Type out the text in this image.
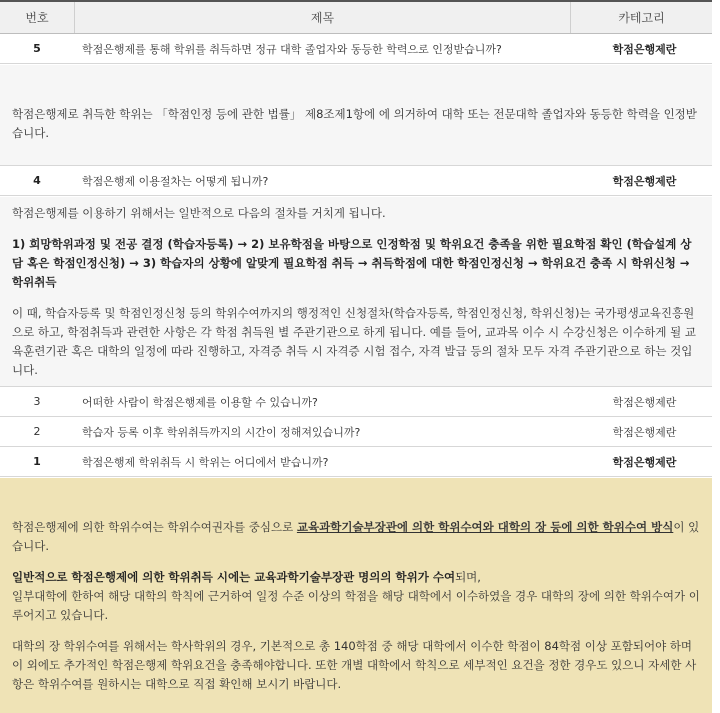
번호	제목	카테고리
5	학점은행제를 통해 학위를 취득하면 정규 대학 졸업자와 동등한 학력으로 인정받습니까?	학점은행제란

학점은행제로 취득한 학위는 「학점인정 등에 관한 법률」 제8조제1항에 에 의거하여 대학 또는 전문대학 졸업자와 동등한 학력을 인정받습니다.

4	학점은행제 이용절차는 어떻게 됩니까?	학점은행제란

학점은행제를 이용하기 위해서는 일반적으로 다음의 절차를 거치게 됩니다.

1) 희망학위과정 및 전공 결정 (학습자등록) → 2) 보유학점을 바탕으로 인정학점 및 학위요건 충족을 위한 필요학점 확인 (학습설계 상담 혹은 학점인정신청) → 3) 학습자의 상황에 알맞게 필요학점 취득 → 취득학점에 대한 학점인정신청 → 학위요건 충족 시 학위신청 → 학위취득

이 때, 학습자등록 및 학점인정신청 등의 학위수여까지의 행정적인 신청절차(학습자등록, 학점인정신청, 학위신청)는 국가평생교육진흥원으로 하고, 학점취득과 관련한 사항은 각 학점 취득원 별 주관기관으로 하게 됩니다. 예를 들어, 교과목 이수 시 수강신청은 이수하게 될 교육훈련기관 혹은 대학의 일정에 따라 진행하고, 자격증 취득 시 자격증 시험 접수, 자격 발급 등의 절차 모두 자격 주관기관으로 하는 것입니다.

3	어떠한 사람이 학점은행제를 이용할 수 있습니까?	학점은행제란
2	학습자 등록 이후 학위취득까지의 시간이 정해져있습니까?	학점은행제란
1	학점은행제 학위취득 시 학위는 어디에서 받습니까?	학점은행제란

학점은행제에 의한 학위수여는 학위수여권자를 중심으로 교육과학기술부장관에 의한 학위수여와 대학의 장 등에 의한 학위수여 방식이 있습니다.

일반적으로 학점은행제에 의한 학위취득 시에는 교육과학기술부장관 명의의 학위가 수여되며,
일부대학에 한하여 해당 대학의 학칙에 근거하여 일정 수준 이상의 학점을 해당 대학에서 이수하였을 경우 대학의 장에 의한 학위수여가 이루어지고 있습니다.

대학의 장 학위수여를 위해서는 학사학위의 경우, 기본적으로 총 140학점 중 해당 대학에서 이수한 학점이 84학점 이상 포함되어야 하며 이 외에도 추가적인 학점은행제 학위요건을 충족해야합니다. 또한 개별 대학에서 학칙으로 세부적인 요건을 정한 경우도 있으니 자세한 사항은 학위수여를 원하시는 대학으로 직접 확인해 보시기 바랍니다.
